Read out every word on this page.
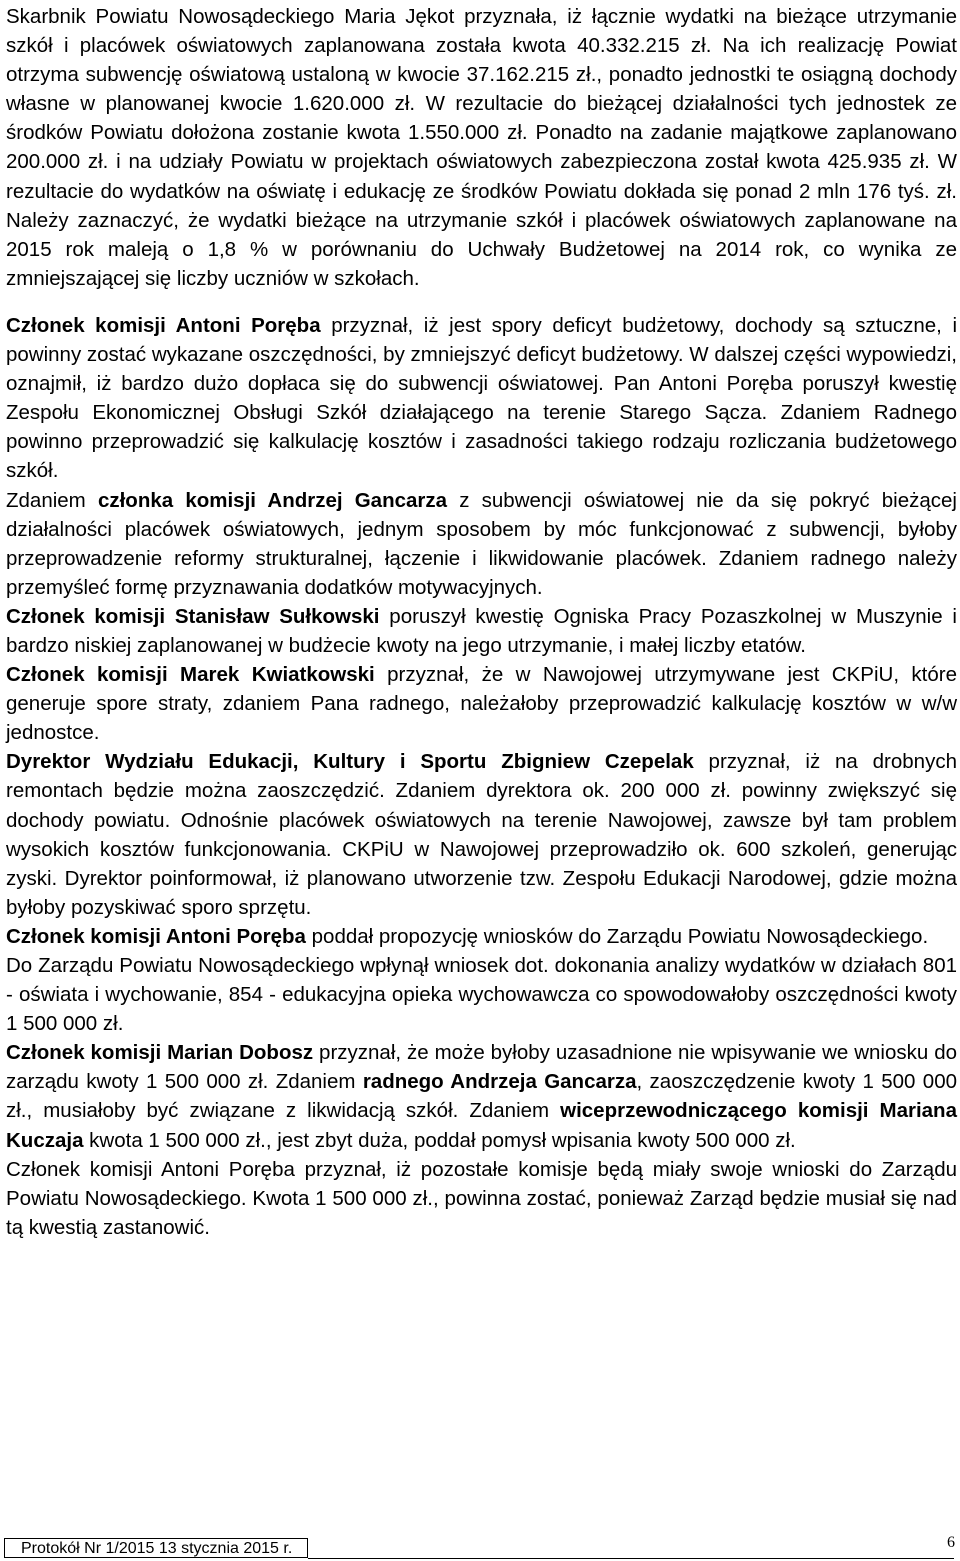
Skarbnik Powiatu Nowosądeckiego Maria Jękot przyznała, iż łącznie wydatki na bieżące utrzymanie szkół i placówek oświatowych zaplanowana została kwota 40.332.215 zł. Na ich realizację Powiat otrzyma subwencję oświatową ustaloną w kwocie 37.162.215 zł., ponadto jednostki te osiągną dochody własne w planowanej kwocie 1.620.000 zł. W rezultacie do bieżącej działalności tych jednostek ze środków Powiatu dołożona zostanie kwota 1.550.000 zł. Ponadto na zadanie majątkowe zaplanowano 200.000 zł. i na udziały Powiatu w projektach oświatowych zabezpieczona został kwota 425.935 zł. W rezultacie do wydatków na oświatę i edukację ze środków Powiatu dokłada się ponad 2 mln 176 tyś. zł. Należy zaznaczyć, że wydatki bieżące na utrzymanie szkół i placówek oświatowych zaplanowane na 2015 rok maleją o 1,8 % w porównaniu do Uchwały Budżetowej na 2014 rok, co wynika ze zmniejszającej się liczby uczniów w szkołach.

Członek komisji Antoni Poręba przyznał, iż jest spory deficyt budżetowy, dochody są sztuczne, i powinny zostać wykazane oszczędności, by zmniejszyć deficyt budżetowy. W dalszej części wypowiedzi, oznajmił, iż bardzo dużo dopłaca się do subwencji oświatowej. Pan Antoni Poręba poruszył kwestię Zespołu Ekonomicznej Obsługi Szkół działającego na terenie Starego Sącza. Zdaniem Radnego powinno przeprowadzić się kalkulację kosztów i zasadności takiego rodzaju rozliczania budżetowego szkół.

Zdaniem członka komisji Andrzej Gancarza z subwencji oświatowej nie da się pokryć bieżącej działalności placówek oświatowych, jednym sposobem by móc funkcjonować z subwencji, byłoby przeprowadzenie reformy strukturalnej, łączenie i likwidowanie placówek. Zdaniem radnego należy przemyśleć formę przyznawania dodatków motywacyjnych.

Członek komisji Stanisław Sułkowski poruszył kwestię Ogniska Pracy Pozaszkolnej w Muszynie i bardzo niskiej zaplanowanej w budżecie kwoty na jego utrzymanie, i małej liczby etatów.

Członek komisji Marek Kwiatkowski przyznał, że w Nawojowej utrzymywane jest CKPiU, które generuje spore straty, zdaniem Pana radnego, należałoby przeprowadzić kalkulację kosztów w w/w jednostce.

Dyrektor Wydziału Edukacji, Kultury i Sportu Zbigniew Czepelak przyznał, iż na drobnych remontach będzie można zaoszczędzić. Zdaniem dyrektora ok. 200 000 zł. powinny zwiększyć się dochody powiatu. Odnośnie placówek oświatowych na terenie Nawojowej, zawsze był tam problem wysokich kosztów funkcjonowania. CKPiU w Nawojowej przeprowadziło ok. 600 szkoleń, generując zyski. Dyrektor poinformował, iż planowano utworzenie tzw. Zespołu Edukacji Narodowej, gdzie można byłoby pozyskiwać sporo sprzętu.

Członek komisji Antoni Poręba poddał propozycję wniosków do Zarządu Powiatu Nowosądeckiego.

Do Zarządu Powiatu Nowosądeckiego wpłynął wniosek dot. dokonania analizy wydatków w działach 801 - oświata i wychowanie, 854 - edukacyjna opieka wychowawcza co spowodowałoby oszczędności kwoty 1 500 000 zł.

Członek komisji Marian Dobosz przyznał, że może byłoby uzasadnione nie wpisywanie we wniosku do zarządu kwoty 1 500 000 zł. Zdaniem radnego Andrzeja Gancarza, zaoszczędzenie kwoty 1 500 000 zł., musiałoby być związane z likwidacją szkół. Zdaniem wiceprzewodniczącego komisji Mariana Kuczaja kwota 1 500 000 zł., jest zbyt duża, poddał pomysł wpisania kwoty 500 000 zł.

Członek komisji Antoni Poręba przyznał, iż pozostałe komisje będą miały swoje wnioski do Zarządu Powiatu Nowosądeckiego. Kwota 1 500 000 zł., powinna zostać, ponieważ Zarząd będzie musiał się nad tą kwestią zastanowić.

Protokół Nr 1/2015 13 stycznia 2015 r.	6
